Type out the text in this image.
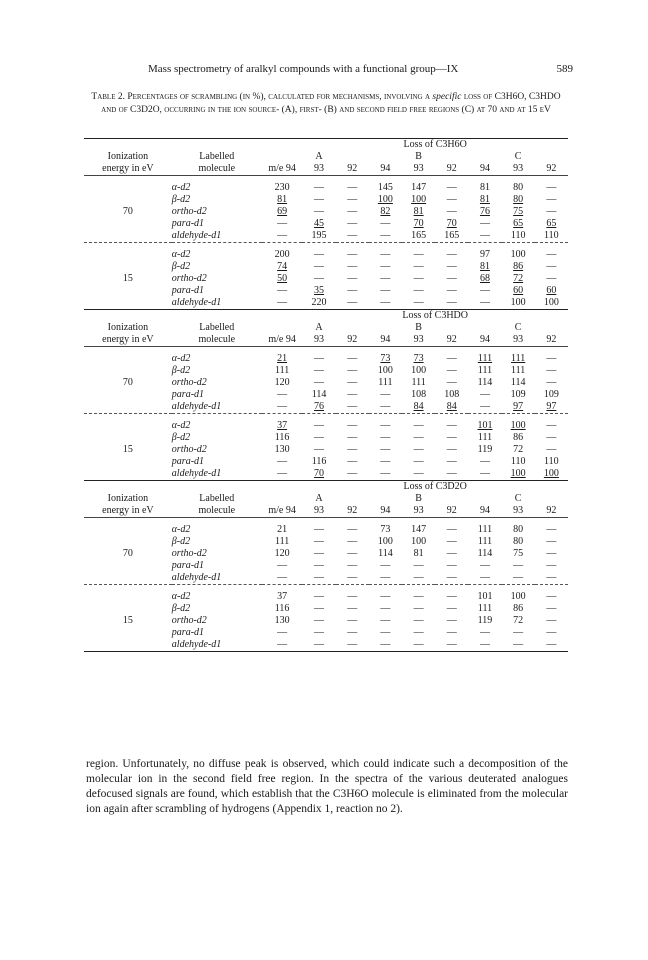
Mass spectrometry of aralkyl compounds with a functional group—IX	589
Table 2. Percentages of scrambling (in %), calculated for mechanisms, involving a specific loss of C3H6O, C3HDO and of C3D2O, occurring in the ion source- (A), first- (B) and second field free regions (C) at 70 and at 15 eV
			Loss of C3H6O							
Ionization	Labelled		A			B			C	
energy in eV	molecule	m/e 94	93	92	94	93	92	94	93	92

	α-d2	230	—	—	145	147	—	81	80	—
	β-d2	81	—	—	100	100	—	81	80	—
70	ortho-d2	69	—	—	82	81	—	76	75	—
	para-d1	—	45	—	—	70	70	—	65	65
	aldehyde-d1	—	195	—	—	165	165	—	110	110

	α-d2	200	—	—	—	—	—	97	100	—
	β-d2	74	—	—	—	—	—	81	86	—
15	ortho-d2	50	—	—	—	—	—	68	72	—
	para-d1	—	35	—	—	—	—	—	60	60
	aldehyde-d1	—	220	—	—	—	—	—	100	100
			Loss of C3HDO							
Ionization	Labelled		A			B			C	
energy in eV	molecule	m/e 94	93	92	94	93	92	94	93	92

	α-d2	21	—	—	73	73	—	111	111	—
	β-d2	111	—	—	100	100	—	111	111	—
70	ortho-d2	120	—	—	111	111	—	114	114	—
	para-d1	—	114	—	—	108	108	—	109	109
	aldehyde-d1	—	76	—	—	84	84	—	97	97

	α-d2	37	—	—	—	—	—	101	100	—
	β-d2	116	—	—	—	—	—	111	86	—
15	ortho-d2	130	—	—	—	—	—	119	72	—
	para-d1	—	116	—	—	—	—	—	110	110
	aldehyde-d1	—	70	—	—	—	—	—	100	100
			Loss of C3D2O							
Ionization	Labelled		A			B			C	
energy in eV	molecule	m/e 94	93	92	94	93	92	94	93	92

	α-d2	21	—	—	73	147	—	111	80	—
	β-d2	111	—	—	100	100	—	111	80	—
70	ortho-d2	120	—	—	114	81	—	114	75	—
	para-d1	—	—	—	—	—	—	—	—	—
	aldehyde-d1	—	—	—	—	—	—	—	—	—

	α-d2	37	—	—	—	—	—	101	100	—
	β-d2	116	—	—	—	—	—	111	86	—
15	ortho-d2	130	—	—	—	—	—	119	72	—
	para-d1	—	—	—	—	—	—	—	—	—
	aldehyde-d1	—	—	—	—	—	—	—	—	—

region. Unfortunately, no diffuse peak is observed, which could indicate such a decomposition of the molecular ion in the second field free region. In the spectra of the various deuterated analogues defocused signals are found, which establish that the C3H6O molecule is eliminated from the molecular ion again after scrambling of hydrogens (Appendix 1, reaction no 2).
